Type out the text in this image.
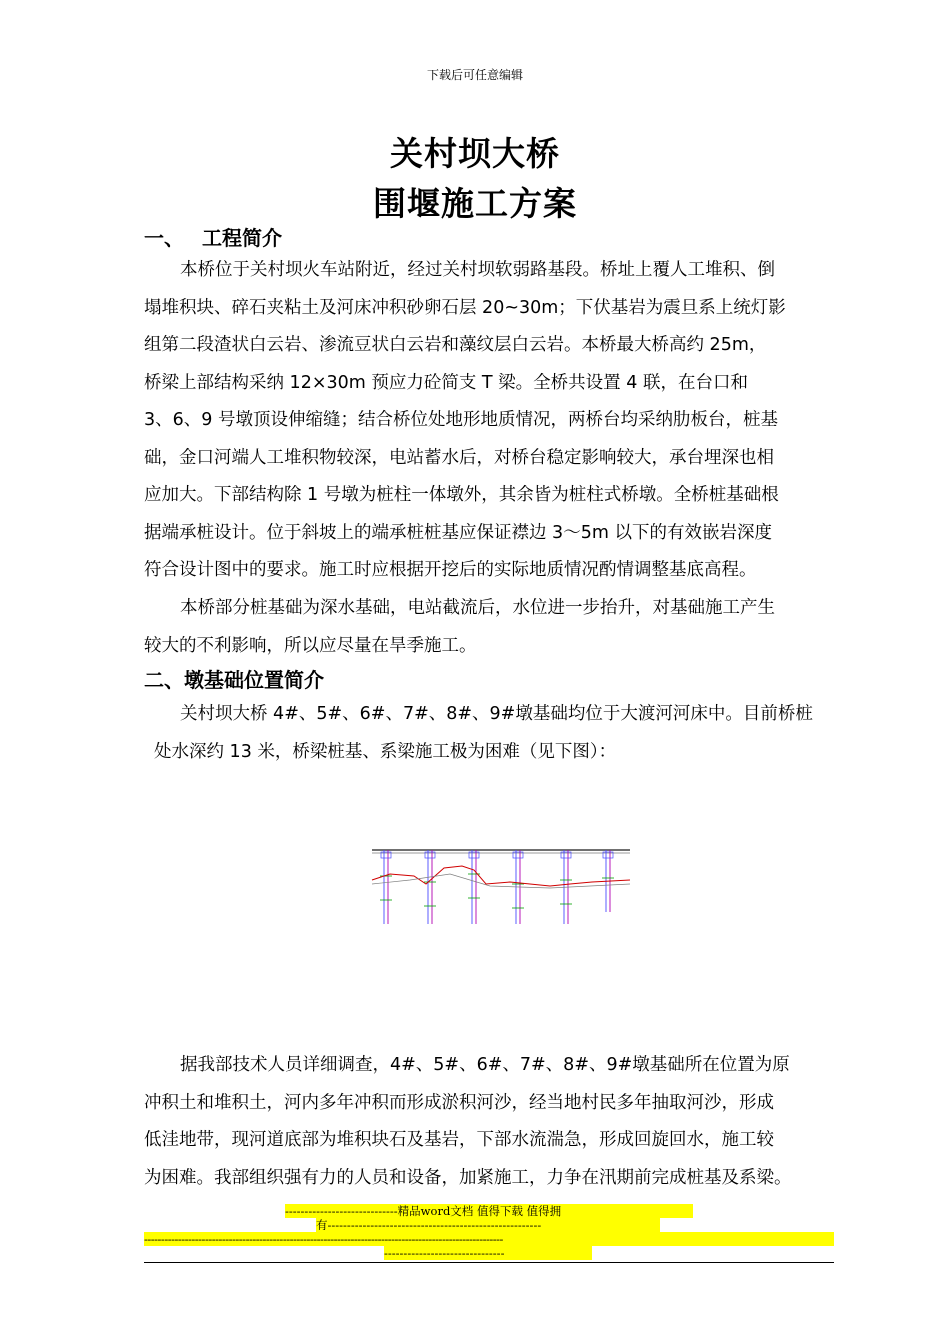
下载后可任意编辑
关村坝大桥
围堰施工方案
一、 工程简介
本桥位于关村坝火车站附近，经过关村坝软弱路基段。桥址上覆人工堆积、倒
塌堆积块、碎石夹粘土及河床冲积砂卵石层 20~30m；下伏基岩为震旦系上统灯影
组第二段渣状白云岩、渗流豆状白云岩和藻纹层白云岩。本桥最大桥高约 25m，
桥梁上部结构采纳 12×30m 预应力砼简支 T 梁。全桥共设置 4 联，在台口和
3、6、9 号墩顶设伸缩缝；结合桥位处地形地质情况，两桥台均采纳肋板台，桩基
础，金口河端人工堆积物较深，电站蓄水后，对桥台稳定影响较大，承台埋深也相
应加大。下部结构除 1 号墩为桩柱一体墩外，其余皆为桩柱式桥墩。全桥桩基础根
据端承桩设计。位于斜坡上的端承桩桩基应保证襟边 3～5m 以下的有效嵌岩深度
符合设计图中的要求。施工时应根据开挖后的实际地质情况酌情调整基底高程。
本桥部分桩基础为深水基础，电站截流后，水位进一步抬升，对基础施工产生
较大的不利影响，所以应尽量在旱季施工。
二、墩基础位置简介
关村坝大桥 4#、5#、6#、7#、8#、9#墩基础均位于大渡河河床中。目前桥桩
处水深约 13 米，桥梁桩基、系梁施工极为困难（见下图）：
据我部技术人员详细调查，4#、5#、6#、7#、8#、9#墩基础所在位置为原
冲积土和堆积土，河内多年冲积而形成淤积河沙，经当地村民多年抽取河沙，形成
低洼地带，现河道底部为堆积块石及基岩，下部水流湍急，形成回旋回水，施工较
为困难。我部组织强有力的人员和设备，加紧施工，力争在汛期前完成桩基及系梁。
-----------------------------精品word文档 值得下载 值得拥
有-------------------------------------------------------
----------------------------------------------------------------------------------------------------------
-------------------------------
